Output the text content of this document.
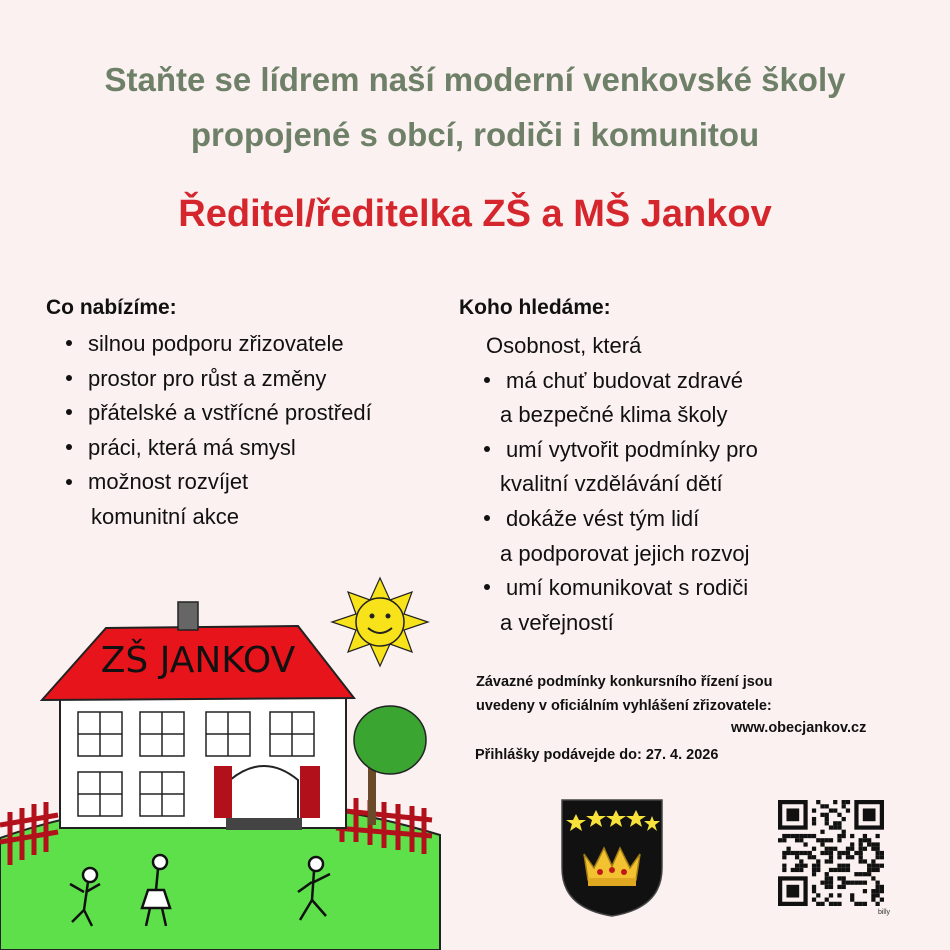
Staňte se lídrem naší moderní venkovské školy
propojené s obcí, rodiči i komunitou
Ředitel/ředitelka ZŠ a MŠ Jankov
Co nabízíme:
silnou podporu zřizovatele
prostor pro růst a změny
přátelské a vstřícné prostředí
práci, která má smysl
možnost rozvíjet
komunitní akce
Koho hledáme:
Osobnost, která
má chuť budovat zdravé
a bezpečné klima školy
umí vytvořit podmínky pro
kvalitní vzdělávání dětí
dokáže vést tým lidí
a podporovat jejich rozvoj
umí komunikovat s rodiči
a veřejností
Závazné podmínky konkursního řízení jsou
uvedeny v oficiálním vyhlášení zřizovatele:
www.obecjankov.cz
Přihlášky podávejde do: 27. 4. 2026
ZŠ JANKOV
billy
